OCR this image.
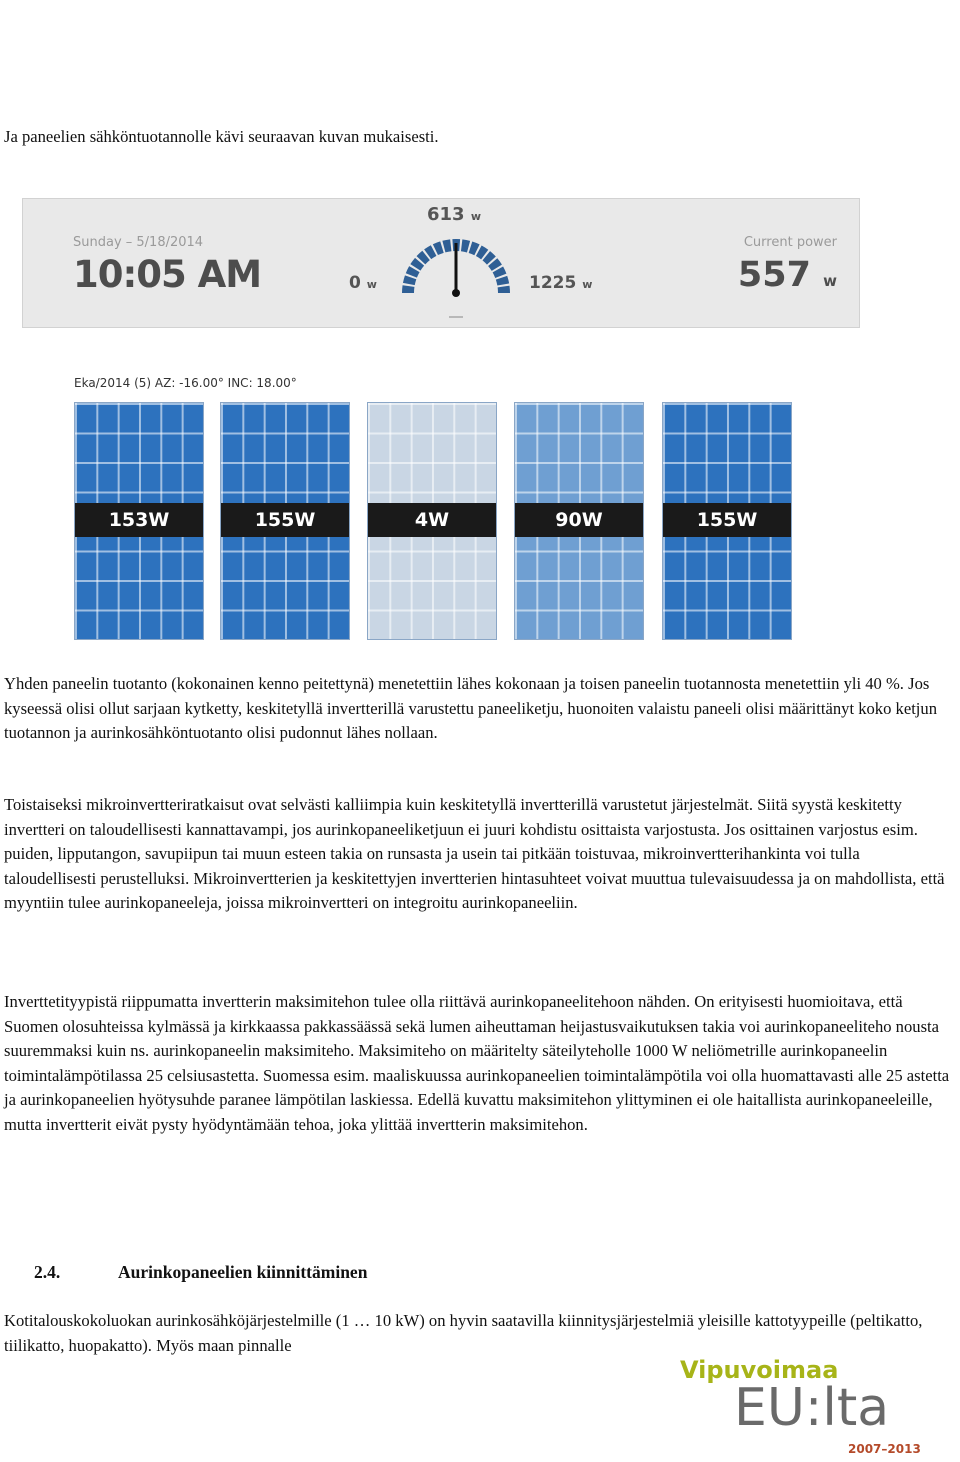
Ja paneelien sähköntuotannolle kävi seuraavan kuvan mukaisesti.

Sunday – 5/18/2014
10:05 AM
613 w
0 w	1225 w
Current power
557 w
Eka/2014 (5) AZ: -16.00° INC: 18.00°
153W	155W	4W	90W	155W

Yhden paneelin tuotanto (kokonainen kenno peitettynä) menetettiin lähes kokonaan ja toisen paneelin tuotannosta menetettiin yli 40 %. Jos kyseessä olisi ollut sarjaan kytketty, keskitetyllä invertterillä varustettu paneeliketju, huonoiten valaistu paneeli olisi määrittänyt koko ketjun tuotannon ja aurinkosähköntuotanto olisi pudonnut lähes nollaan.

Toistaiseksi mikroinvertteriratkaisut ovat selvästi kalliimpia kuin keskitetyllä invertterillä varustetut järjestelmät. Siitä syystä keskitetty invertteri on taloudellisesti kannattavampi, jos aurinkopaneeliketjuun ei juuri kohdistu osittaista varjostusta. Jos osittainen varjostus esim. puiden, lipputangon, savupiipun tai muun esteen takia on runsasta ja usein tai pitkään toistuvaa, mikroinvertterihankinta voi tulla taloudellisesti perustelluksi. Mikroinvertterien ja keskitettyjen invertterien hintasuhteet voivat muuttua tulevaisuudessa ja on mahdollista, että myyntiin tulee aurinkopaneeleja, joissa mikroinvertteri on integroitu aurinkopaneeliin.

Inverttetityypistä riippumatta invertterin maksimitehon tulee olla riittävä aurinkopaneelitehoon nähden. On erityisesti huomioitava, että Suomen olosuhteissa kylmässä ja kirkkaassa pakkassäässä sekä lumen aiheuttaman heijastusvaikutuksen takia voi aurinkopaneeliteho nousta suuremmaksi kuin ns. aurinkopaneelin maksimiteho. Maksimiteho on määritelty säteilyteholle 1000 W neliömetrille aurinkopaneelin toimintalämpötilassa 25 celsiusastetta. Suomessa esim. maaliskuussa aurinkopaneelien toimintalämpötila voi olla huomattavasti alle 25 astetta ja aurinkopaneelien hyötysuhde paranee lämpötilan laskiessa. Edellä kuvattu maksimitehon ylittyminen ei ole haitallista aurinkopaneeleille, mutta invertterit eivät pysty hyödyntämään tehoa, joka ylittää invertterin maksimitehon.

2.4.	Aurinkopaneelien kiinnittäminen

Kotitalouskokoluokan aurinkosähköjärjestelmille (1 … 10 kW) on hyvin saatavilla kiinnitysjärjestelmiä yleisille kattotyypeille (peltikatto, tiilikatto, huopakatto). Myös maan pinnalle

Vipuvoimaa
EU:lta
2007–2013
